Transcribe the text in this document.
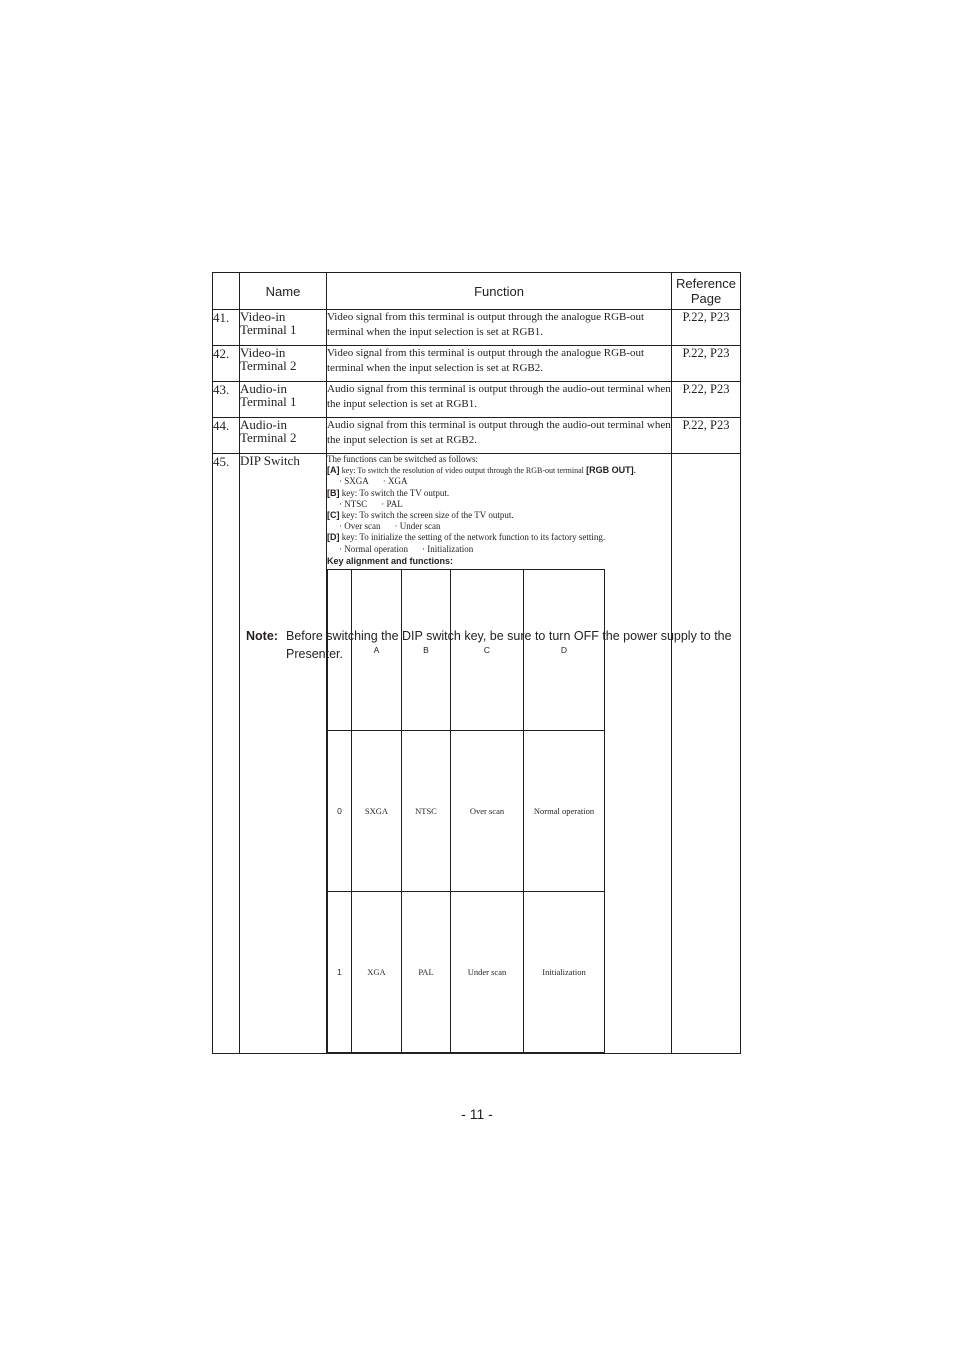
	Name	Function	Reference Page
41.	Video-in Terminal 1	Video signal from this terminal is output through the analogue RGB-out terminal when the input selection is set at RGB1.	P.22, P23
42.	Video-in Terminal 2	Video signal from this terminal is output through the analogue RGB-out terminal when the input selection is set at RGB2.	P.22, P23
43.	Audio-in Terminal 1	Audio signal from this terminal is output through the audio-out terminal when the input selection is set at RGB1.	P.22, P23
44.	Audio-in Terminal 2	Audio signal from this terminal is output through the audio-out terminal when the input selection is set at RGB2.	P.22, P23
45.	DIP Switch	The functions can be switched as follows:
[A] key: To switch the resolution of video output through the RGB-out terminal [RGB OUT].
· SXGA · XGA
[B] key: To switch the TV output.
· NTSC · PAL
[C] key: To switch the screen size of the TV output.
· Over scan · Under scan
[D] key: To initialize the setting of the network function to its factory setting.
· Normal operation · Initialization
Key alignment and functions:
	A	B	C	D
0	SXGA	NTSC	Over scan	Normal operation
1	XGA	PAL	Under scan	Initialization

Note: Before switching the DIP switch key, be sure to turn OFF the power supply to the Presenter.
- 11 -
